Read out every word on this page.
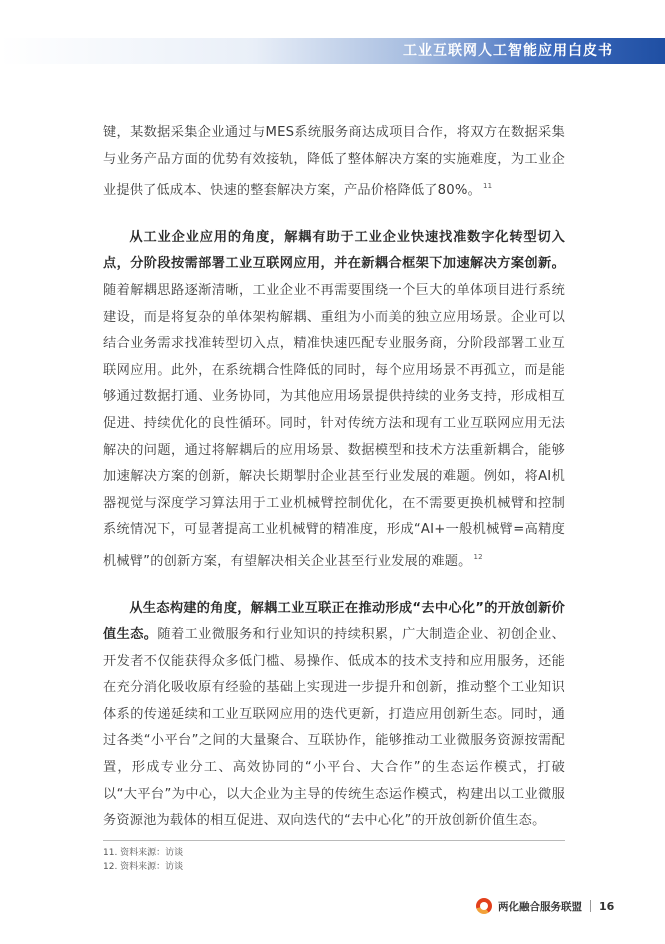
工业互联网人工智能应用白皮书

键，某数据采集企业通过与MES系统服务商达成项目合作，将双方在数据采集与业务产品方面的优势有效接轨，降低了整体解决方案的实施难度，为工业企业提供了低成本、快速的整套解决方案，产品价格降低了80%。 $^{11}$

从工业企业应用的角度，解耦有助于工业企业快速找准数字化转型切入点，分阶段按需部署工业互联网应用，并在新耦合框架下加速解决方案创新。随着解耦思路逐渐清晰，工业企业不再需要围绕一个巨大的单体项目进行系统建设，而是将复杂的单体架构解耦、重组为小而美的独立应用场景。企业可以结合业务需求找准转型切入点，精准快速匹配专业服务商，分阶段部署工业互联网应用。此外，在系统耦合性降低的同时，每个应用场景不再孤立，而是能够通过数据打通、业务协同，为其他应用场景提供持续的业务支持，形成相互促进、持续优化的良性循环。同时，针对传统方法和现有工业互联网应用无法解决的问题，通过将解耦后的应用场景、数据模型和技术方法重新耦合，能够加速解决方案的创新，解决长期掣肘企业甚至行业发展的难题。例如，将AI机器视觉与深度学习算法用于工业机械臂控制优化，在不需要更换机械臂和控制系统情况下，可显著提高工业机械臂的精准度，形成“AI+一般机械臂=高精度机械臂”的创新方案，有望解决相关企业甚至行业发展的难题。 $^{12}$

从生态构建的角度，解耦工业互联正在推动形成“去中心化”的开放创新价值生态。随着工业微服务和行业知识的持续积累，广大制造企业、初创企业、开发者不仅能获得众多低门槛、易操作、低成本的技术支持和应用服务，还能在充分消化吸收原有经验的基础上实现进一步提升和创新，推动整个工业知识体系的传递延续和工业互联网应用的迭代更新，打造应用创新生态。同时，通过各类“小平台”之间的大量聚合、互联协作，能够推动工业微服务资源按需配置，形成专业分工、高效协同的“小平台、大合作”的生态运作模式，打破以“大平台”为中心，以大企业为主导的传统生态运作模式，构建出以工业微服务资源池为载体的相互促进、双向迭代的“去中心化”的开放创新价值生态。

11. 资料来源：访谈
12. 资料来源：访谈
两化融合服务联盟 16
